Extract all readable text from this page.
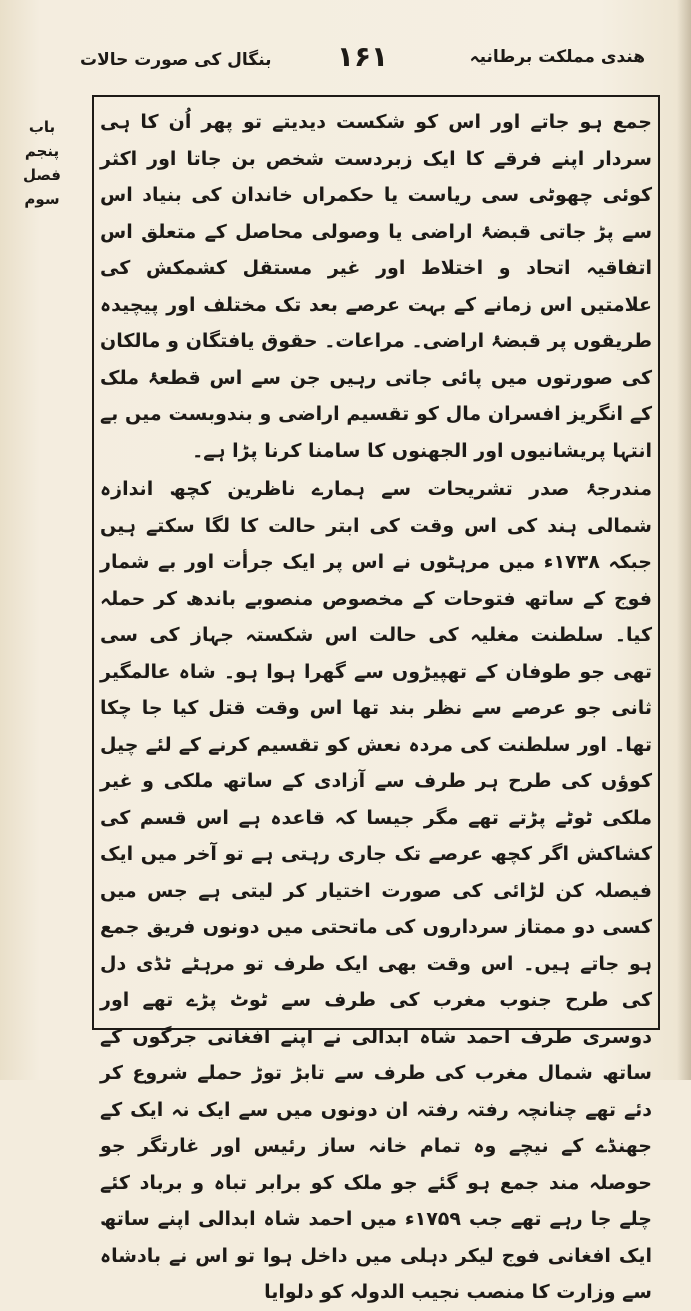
هندی مملکت برطانیہ
۱۶۱
بنگال کی صورت حالات
باب پنجم
فصل سوم

جمع ہو جاتے اور اس کو شکست دیدیتے تو پھر اُن کا ہی سردار اپنے فرقے کا ایک زبردست شخص بن جاتا اور اکثر کوئی چھوٹی سی ریاست یا حکمراں خاندان کی بنیاد اس سے پڑ جاتی قبضۂ اراضی یا وصولی محاصل کے متعلق اس اتفاقیہ اتحاد و اختلاط اور غیر مستقل کشمکش کی علامتیں اس زمانے کے بہت عرصے بعد تک مختلف اور پیچیدہ طریقوں پر قبضۂ اراضی۔ مراعات۔ حقوق یافتگان و مالکان کی صورتوں میں پائی جاتی رہیں جن سے اس قطعۂ ملک کے انگریز افسران مال کو تقسیم اراضی و بندوبست میں بے انتہا پریشانیوں اور الجھنوں کا سامنا کرنا پڑا ہے۔

مندرجۂ صدر تشریحات سے ہمارے ناظرین کچھ اندازہ شمالی ہند کی اس وقت کی ابتر حالت کا لگا سکتے ہیں جبکہ ۱۷۳۸ء میں مرہٹوں نے اس پر ایک جرأت اور بے شمار فوج کے ساتھ فتوحات کے مخصوص منصوبے باندھ کر حملہ کیا۔ سلطنت مغلیہ کی حالت اس شکستہ جہاز کی سی تھی جو طوفان کے تھپیڑوں سے گھرا ہوا ہو۔ شاہ عالمگیر ثانی جو عرصے سے نظر بند تھا اس وقت قتل کیا جا چکا تھا۔ اور سلطنت کی مردہ نعش کو تقسیم کرنے کے لئے چیل کوؤں کی طرح ہر طرف سے آزادی کے ساتھ ملکی و غیر ملکی ٹوٹے پڑتے تھے مگر جیسا کہ قاعدہ ہے اس قسم کی کشاکش اگر کچھ عرصے تک جاری رہتی ہے تو آخر میں ایک فیصلہ کن لڑائی کی صورت اختیار کر لیتی ہے جس میں کسی دو ممتاز سرداروں کی ماتحتی میں دونوں فریق جمع ہو جاتے ہیں۔ اس وقت بھی ایک طرف تو مرہٹے ٹڈی دل کی طرح جنوب مغرب کی طرف سے ٹوٹ پڑے تھے اور دوسری طرف احمد شاہ ابدالی نے اپنے افغانی جرگوں کے ساتھ شمال مغرب کی طرف سے تابڑ توڑ حملے شروع کر دئے تھے چنانچہ رفتہ رفتہ ان دونوں میں سے ایک نہ ایک کے جھنڈے کے نیچے وہ تمام خانہ ساز رئیس اور غارتگر جو حوصلہ مند جمع ہو گئے جو ملک کو برابر تباہ و برباد کئے چلے جا رہے تھے جب ۱۷۵۹ء میں احمد شاہ ابدالی اپنے ساتھ ایک افغانی فوج لیکر دہلی میں داخل ہوا تو اس نے بادشاہ سے وزارت کا منصب نجیب الدولہ کو دلوایا
